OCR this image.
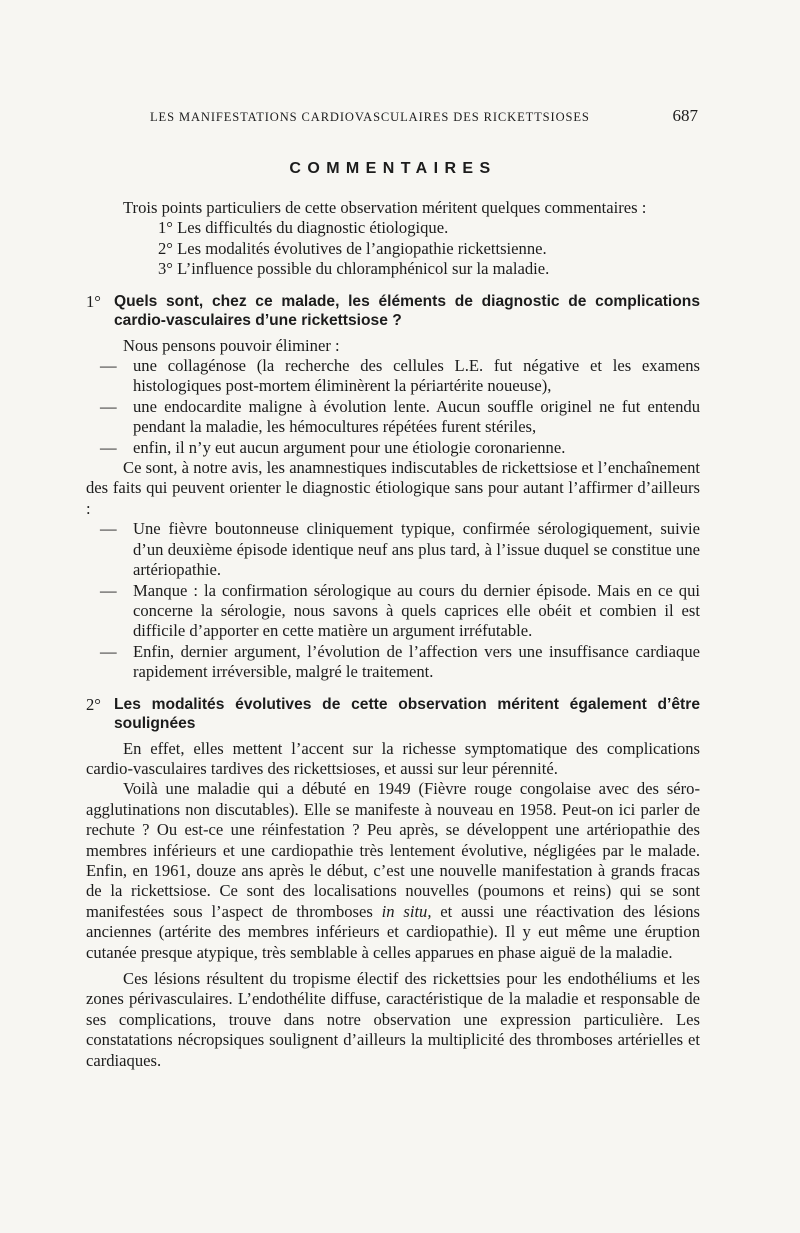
LES MANIFESTATIONS CARDIOVASCULAIRES DES RICKETTSIOSES	687
COMMENTAIRES

Trois points particuliers de cette observation méritent quelques commentaires :

1° Les difficultés du diagnostic étiologique.
2° Les modalités évolutives de l’angiopathie rickettsienne.
3° L’influence possible du chloramphénicol sur la maladie.
1° Quels sont, chez ce malade, les éléments de diagnostic de complications cardio-vasculaires d’une rickettsiose ?

Nous pensons pouvoir éliminer :

— une collagénose (la recherche des cellules L.E. fut négative et les examens histologiques post-mortem éliminèrent la périartérite noueuse),
— une endocardite maligne à évolution lente. Aucun souffle originel ne fut entendu pendant la maladie, les hémocultures répétées furent stériles,
— enfin, il n’y eut aucun argument pour une étiologie coronarienne.

Ce sont, à notre avis, les anamnestiques indiscutables de rickettsiose et l’enchaînement des faits qui peuvent orienter le diagnostic étiologique sans pour autant l’affirmer d’ailleurs :

— Une fièvre boutonneuse cliniquement typique, confirmée sérologiquement, suivie d’un deuxième épisode identique neuf ans plus tard, à l’issue duquel se constitue une artériopathie.
— Manque : la confirmation sérologique au cours du dernier épisode. Mais en ce qui concerne la sérologie, nous savons à quels caprices elle obéit et combien il est difficile d’apporter en cette matière un argument irréfutable.
— Enfin, dernier argument, l’évolution de l’affection vers une insuffisance cardiaque rapidement irréversible, malgré le traitement.
2° Les modalités évolutives de cette observation méritent également d’être soulignées

En effet, elles mettent l’accent sur la richesse symptomatique des complications cardio-vasculaires tardives des rickettsioses, et aussi sur leur pérennité.

Voilà une maladie qui a débuté en 1949 (Fièvre rouge congolaise avec des séro-agglutinations non discutables). Elle se manifeste à nouveau en 1958. Peut-on ici parler de rechute ? Ou est-ce une réinfestation ? Peu après, se développent une artériopathie des membres inférieurs et une cardiopathie très lentement évolutive, négligées par le malade. Enfin, en 1961, douze ans après le début, c’est une nouvelle manifestation à grands fracas de la rickettsiose. Ce sont des localisations nouvelles (poumons et reins) qui se sont manifestées sous l’aspect de thromboses in situ, et aussi une réactivation des lésions anciennes (artérite des membres inférieurs et cardiopathie). Il y eut même une éruption cutanée presque atypique, très semblable à celles apparues en phase aiguë de la maladie.

Ces lésions résultent du tropisme électif des rickettsies pour les endothéliums et les zones périvasculaires. L’endothélite diffuse, caractéristique de la maladie et responsable de ses complications, trouve dans notre observation une expression particulière. Les constatations nécropsiques soulignent d’ailleurs la multiplicité des thromboses artérielles et cardiaques.
